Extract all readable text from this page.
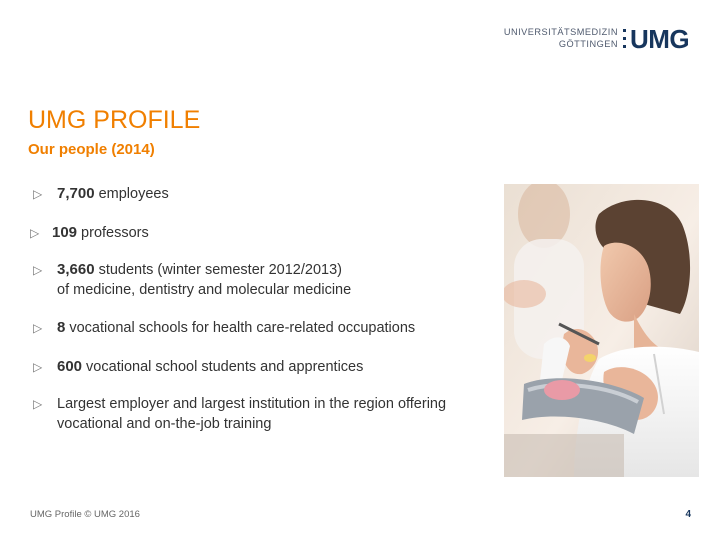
UNIVERSITÄTSMEDIZIN
GÖTTINGEN UMG
UMG PROFILE
Our people (2014)
▷ 7,700 employees
▷ 109 professors
▷ 3,660 students (winter semester 2012/2013)
of medicine, dentistry and molecular medicine
▷ 8 vocational schools for health care-related occupations
▷ 600 vocational school students and apprentices
▷ Largest employer and largest institution in the region offering
vocational and on-the-job training
UMG Profile © UMG 2016	4
